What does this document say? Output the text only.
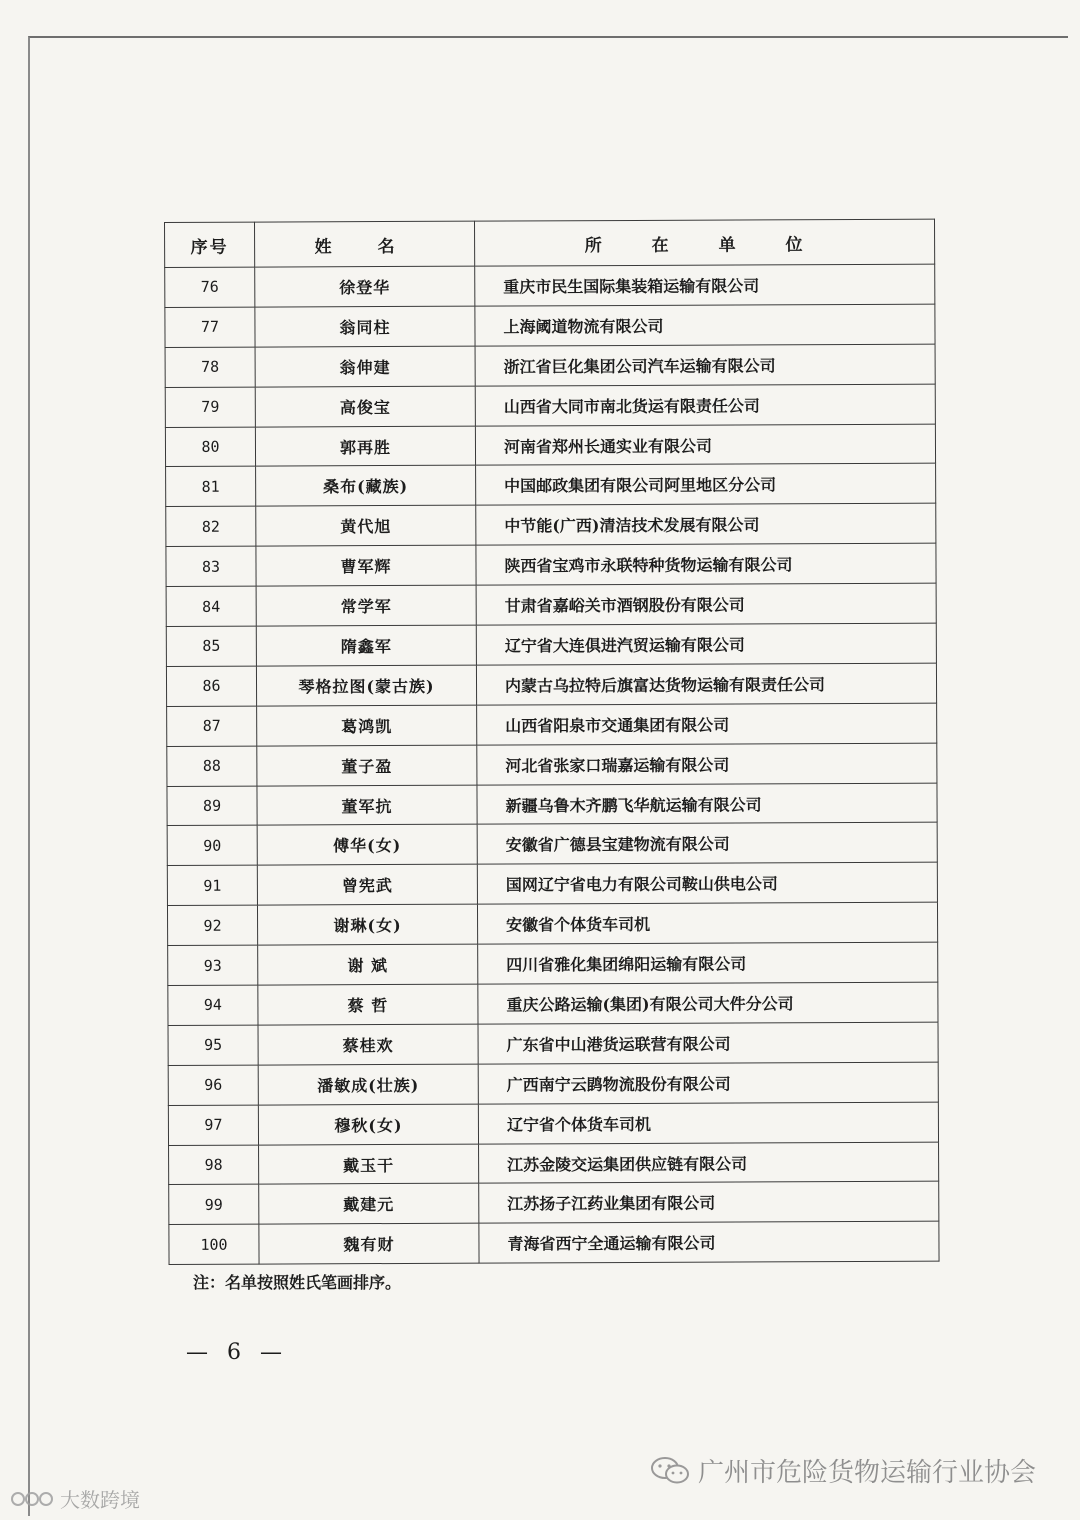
序号	姓 名	所 在 单 位
76	徐登华	重庆市民生国际集装箱运输有限公司
77	翁同柱	上海阈道物流有限公司
78	翁伸建	浙江省巨化集团公司汽车运输有限公司
79	高俊宝	山西省大同市南北货运有限责任公司
80	郭再胜	河南省郑州长通实业有限公司
81	桑布(藏族)	中国邮政集团有限公司阿里地区分公司
82	黄代旭	中节能(广西)清洁技术发展有限公司
83	曹军辉	陕西省宝鸡市永联特种货物运输有限公司
84	常学军	甘肃省嘉峪关市酒钢股份有限公司
85	隋鑫军	辽宁省大连俱进汽贸运输有限公司
86	琴格拉图(蒙古族)	内蒙古乌拉特后旗富达货物运输有限责任公司
87	葛鸿凯	山西省阳泉市交通集团有限公司
88	董子盈	河北省张家口瑞嘉运输有限公司
89	董军抗	新疆乌鲁木齐鹏飞华航运输有限公司
90	傅华(女)	安徽省广德县宝建物流有限公司
91	曾宪武	国网辽宁省电力有限公司鞍山供电公司
92	谢琳(女)	安徽省个体货车司机
93	谢 斌	四川省雅化集团绵阳运输有限公司
94	蔡 哲	重庆公路运输(集团)有限公司大件分公司
95	蔡桂欢	广东省中山港货运联营有限公司
96	潘敏成(壮族)	广西南宁云鹍物流股份有限公司
97	穆秋(女)	辽宁省个体货车司机
98	戴玉干	江苏金陵交运集团供应链有限公司
99	戴建元	江苏扬子江药业集团有限公司
100	魏有财	青海省西宁全通运输有限公司
注：名单按照姓氏笔画排序。
— 6 —
广州市危险货物运输行业协会
大数跨境
